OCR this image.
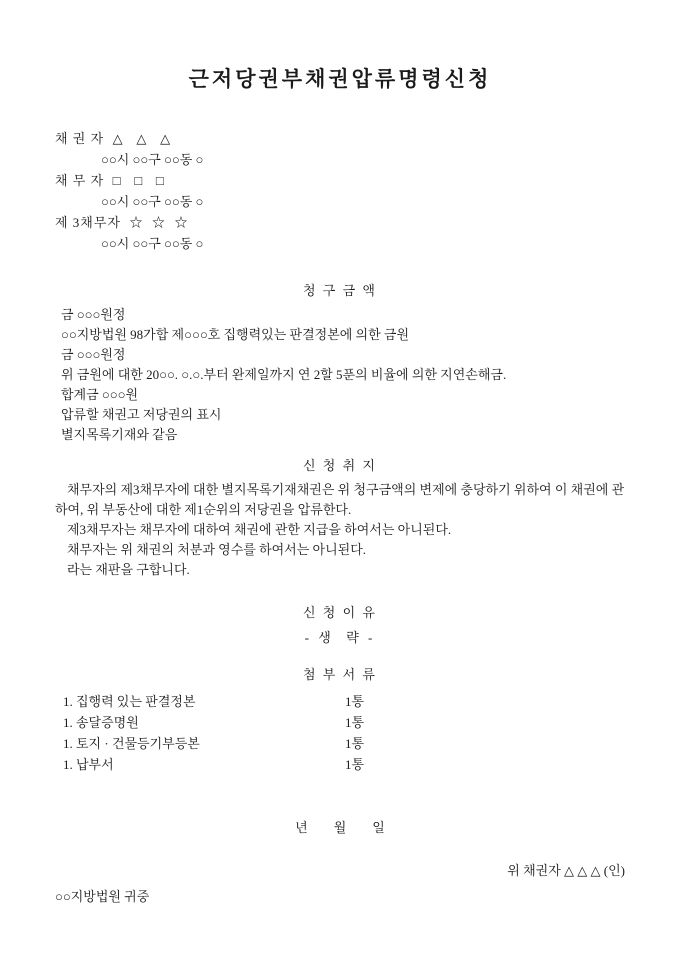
근저당권부채권압류명령신청
채 권 자  △   △   △
○○시 ○○구 ○○동 ○
채 무 자  □   □   □
○○시 ○○구 ○○동 ○
제 3채무자  ☆  ☆  ☆
○○시 ○○구 ○○동 ○
청 구 금 액
금 ○○○원정
○○지방법원 98가합 제○○○호 집행력있는 판결정본에 의한 금원
금 ○○○원정
위 금원에 대한 20○○. ○.○.부터 완제일까지 연 2할 5푼의 비율에 의한 지연손해금.
합계금 ○○○원
압류할 채권고 저당권의 표시
별지목록기재와 같음
신 청 취 지

채무자의 제3채무자에 대한 별지목록기재채권은 위 청구금액의 변제에 충당하기 위하여 이 채권에 관하여, 위 부동산에 대한 제1순위의 저당권을 압류한다.

제3채무자는 채무자에 대하여 채권에 관한 지급을 하여서는 아니된다.

채무자는 위 채권의 처분과 영수를 하여서는 아니된다.

라는 재판을 구합니다.

신 청 이 유
- 생  략 -
첨 부 서 류
1. 집행력 있는 판결정본	1통
1. 송달증명원	1통
1. 토지 · 건물등기부등본	1통
1. 납부서	1통
년        월        일
위 채권자 △ △ △ (인)
○○지방법원 귀중
